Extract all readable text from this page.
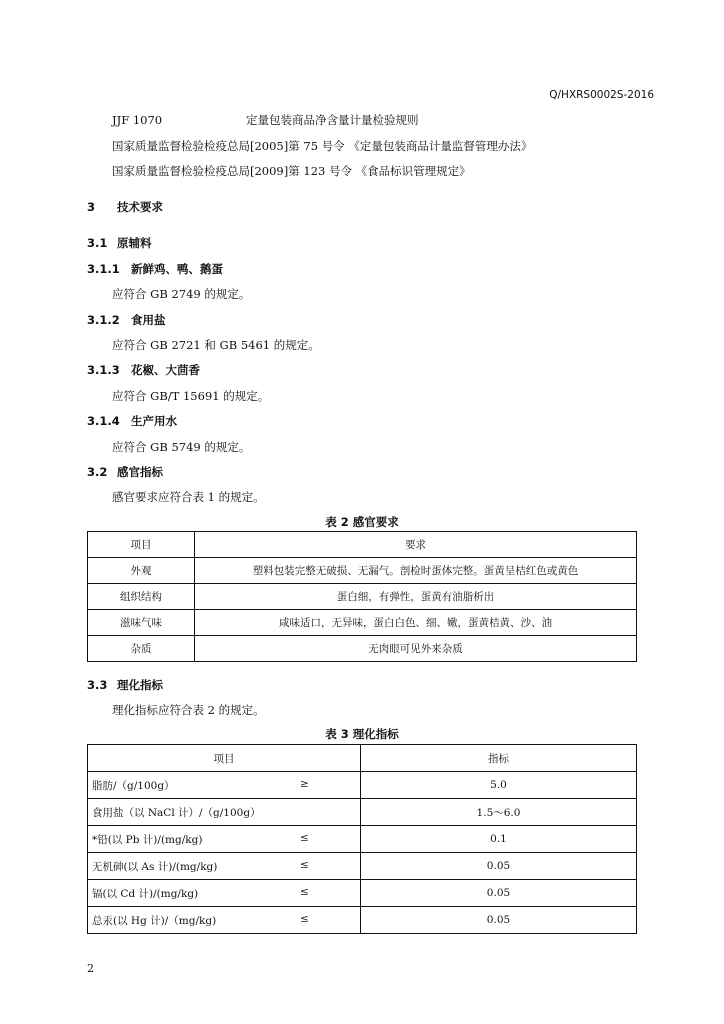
Q/HXRS0002S-2016
JJF 1070	定量包装商品净含量计量检验规则
国家质量监督检验检疫总局[2005]第 75 号令 《定量包装商品计量监督管理办法》
国家质量监督检验检疫总局[2009]第 123 号令 《食品标识管理规定》
3 技术要求
3.1 原辅料
3.1.1 新鲜鸡、鸭、鹅蛋
应符合 GB 2749 的规定。
3.1.2 食用盐
应符合 GB 2721 和 GB 5461 的规定。
3.1.3 花椒、大茴香
应符合 GB/T 15691 的规定。
3.1.4 生产用水
应符合 GB 5749 的规定。
3.2 感官指标
感官要求应符合表 1 的规定。
表 2 感官要求
项目	要求
外观	塑料包装完整无破损、无漏气。剖检时蛋体完整。蛋黄呈桔红色或黄色
组织结构	蛋白细，有弹性，蛋黄有油脂析出
滋味气味	咸味适口，无异味，蛋白白色、细、嫩，蛋黄桔黄、沙、油
杂质	无肉眼可见外来杂质
3.3 理化指标
理化指标应符合表 2 的规定。
表 3 理化指标
项目	指标
脂肪/（g/100g） ≥	5.0
食用盐（以 NaCl 计）/（g/100g）	1.5～6.0
*铅(以 Pb 计)/(mg/kg) ≤	0.1
无机砷(以 As 计)/(mg/kg) ≤	0.05
镉(以 Cd 计)/(mg/kg) ≤	0.05
总汞(以 Hg 计)/（mg/kg) ≤	0.05
2
